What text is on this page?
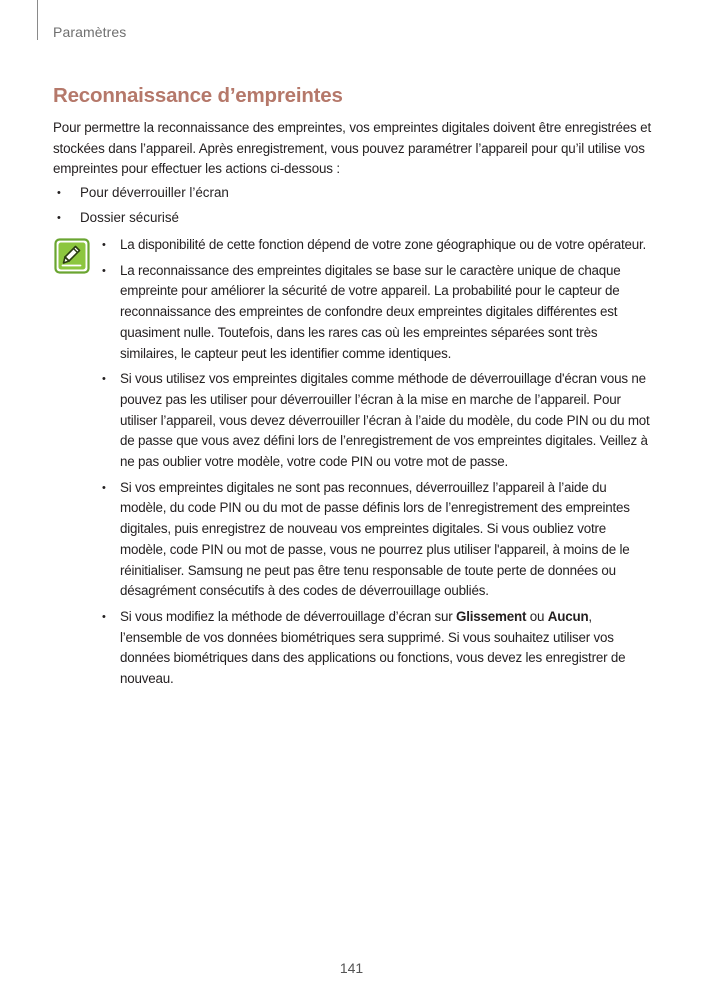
Paramètres
Reconnaissance d’empreintes

Pour permettre la reconnaissance des empreintes, vos empreintes digitales doivent être enregistrées et stockées dans l’appareil. Après enregistrement, vous pouvez paramétrer l’appareil pour qu’il utilise vos empreintes pour effectuer les actions ci-dessous :

• Pour déverrouiller l’écran
• Dossier sécurisé
• La disponibilité de cette fonction dépend de votre zone géographique ou de votre opérateur.
• La reconnaissance des empreintes digitales se base sur le caractère unique de chaque empreinte pour améliorer la sécurité de votre appareil. La probabilité pour le capteur de reconnaissance des empreintes de confondre deux empreintes digitales différentes est quasiment nulle. Toutefois, dans les rares cas où les empreintes séparées sont très similaires, le capteur peut les identifier comme identiques.
• Si vous utilisez vos empreintes digitales comme méthode de déverrouillage d'écran vous ne pouvez pas les utiliser pour déverrouiller l’écran à la mise en marche de l’appareil. Pour utiliser l’appareil, vous devez déverrouiller l’écran à l’aide du modèle, du code PIN ou du mot de passe que vous avez défini lors de l’enregistrement de vos empreintes digitales. Veillez à ne pas oublier votre modèle, votre code PIN ou votre mot de passe.
• Si vos empreintes digitales ne sont pas reconnues, déverrouillez l’appareil à l’aide du modèle, du code PIN ou du mot de passe définis lors de l’enregistrement des empreintes digitales, puis enregistrez de nouveau vos empreintes digitales. Si vous oubliez votre modèle, code PIN ou mot de passe, vous ne pourrez plus utiliser l'appareil, à moins de le réinitialiser. Samsung ne peut pas être tenu responsable de toute perte de données ou désagrément consécutifs à des codes de déverrouillage oubliés.
• Si vous modifiez la méthode de déverrouillage d’écran sur Glissement ou Aucun, l’ensemble de vos données biométriques sera supprimé. Si vous souhaitez utiliser vos données biométriques dans des applications ou fonctions, vous devez les enregistrer de nouveau.
141
